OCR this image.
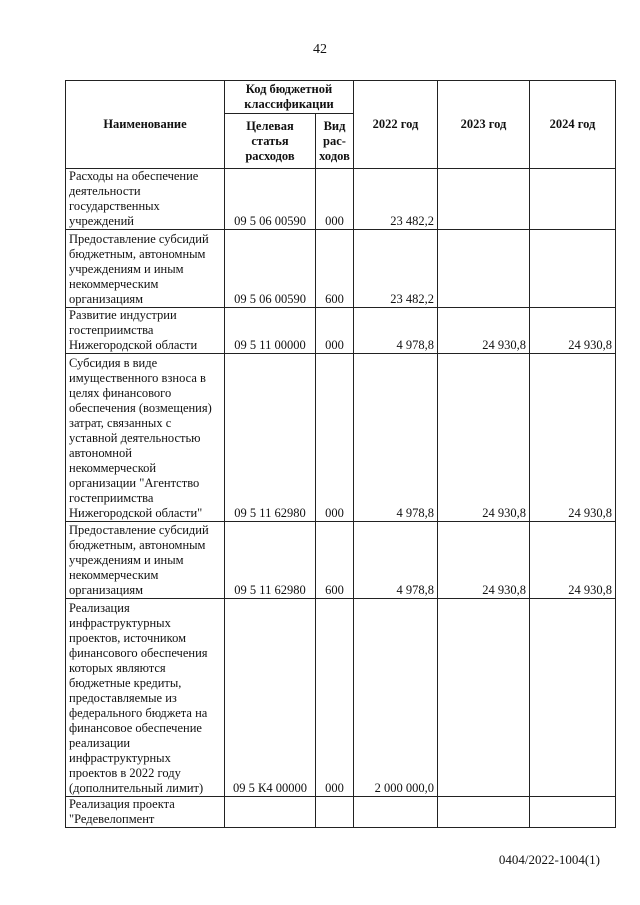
42
Наименование	Код бюджетной классификации		2022 год	2023 год	2024 год
	Целевая статья расходов	Вид рас-ходов			
Расходы на обеспечение деятельности государственных учреждений	09 5 06 00590	000	23 482,2		
Предоставление субсидий бюджетным, автономным учреждениям и иным некоммерческим организациям	09 5 06 00590	600	23 482,2		
Развитие индустрии гостеприимства Нижегородской области	09 5 11 00000	000	4 978,8	24 930,8	24 930,8
Субсидия в виде имущественного взноса в целях финансового обеспечения (возмещения) затрат, связанных с уставной деятельностью автономной некоммерческой организации "Агентство гостеприимства Нижегородской области"	09 5 11 62980	000	4 978,8	24 930,8	24 930,8
Предоставление субсидий бюджетным, автономным учреждениям и иным некоммерческим организациям	09 5 11 62980	600	4 978,8	24 930,8	24 930,8
Реализация инфраструктурных проектов, источником финансового обеспечения которых являются бюджетные кредиты, предоставляемые из федерального бюджета на финансовое обеспечение реализации инфраструктурных проектов в 2022 году (дополнительный лимит)	09 5 К4 00000	000	2 000 000,0		
Реализация проекта "Редевелопмент					
0404/2022-1004(1)
